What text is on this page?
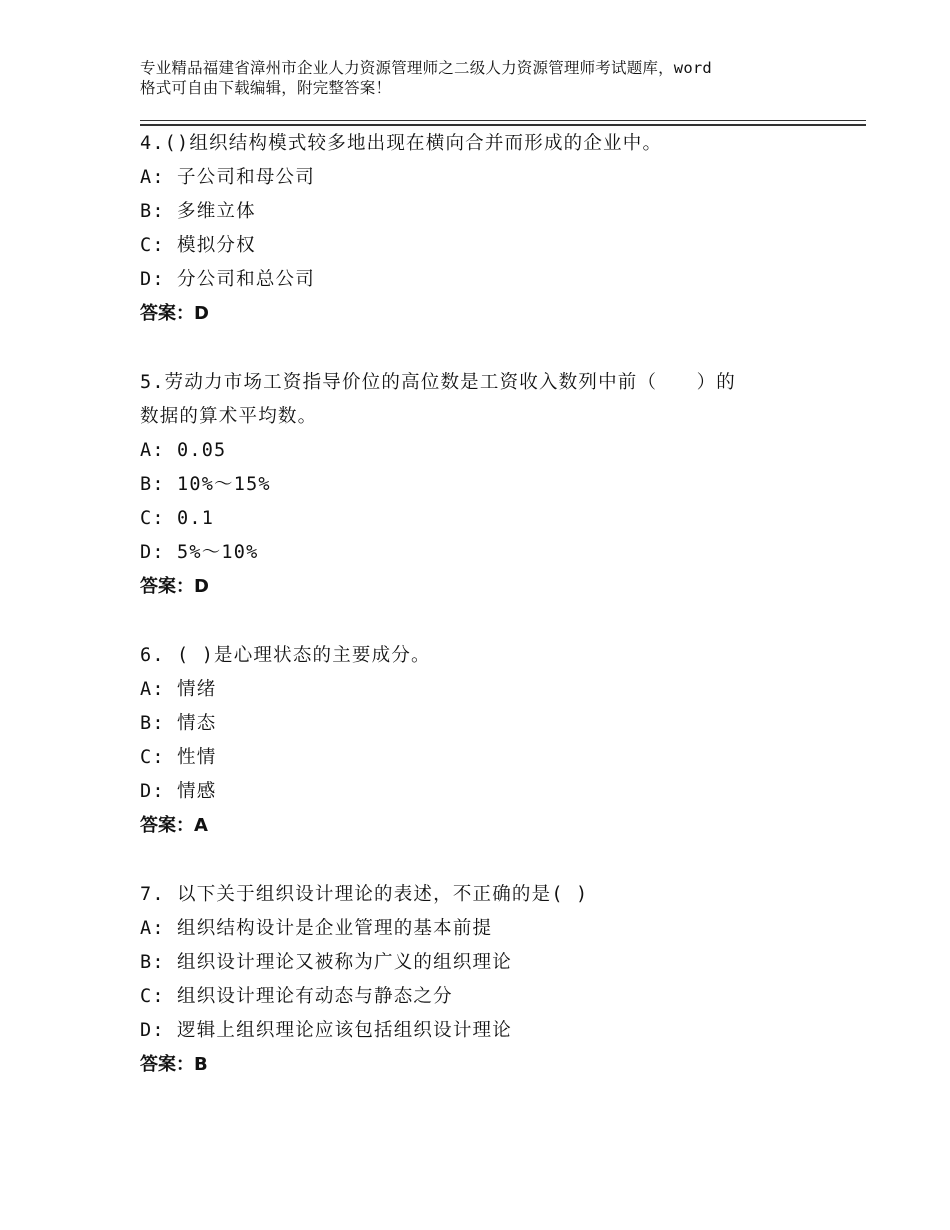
专业精品福建省漳州市企业人力资源管理师之二级人力资源管理师考试题库，word
格式可自由下载编辑，附完整答案！
4.()组织结构模式较多地出现在横向合并而形成的企业中。
A: 子公司和母公司
B: 多维立体
C: 模拟分权
D: 分公司和总公司
答案：D
5.劳动力市场工资指导价位的高位数是工资收入数列中前（　　）的
数据的算术平均数。
A: 0.05
B: 10%～15%
C: 0.1
D: 5%～10%
答案：D
6. ( )是心理状态的主要成分。
A: 情绪
B: 情态
C: 性情
D: 情感
答案：A
7. 以下关于组织设计理论的表述，不正确的是( )
A: 组织结构设计是企业管理的基本前提
B: 组织设计理论又被称为广义的组织理论
C: 组织设计理论有动态与静态之分
D: 逻辑上组织理论应该包括组织设计理论
答案：B
